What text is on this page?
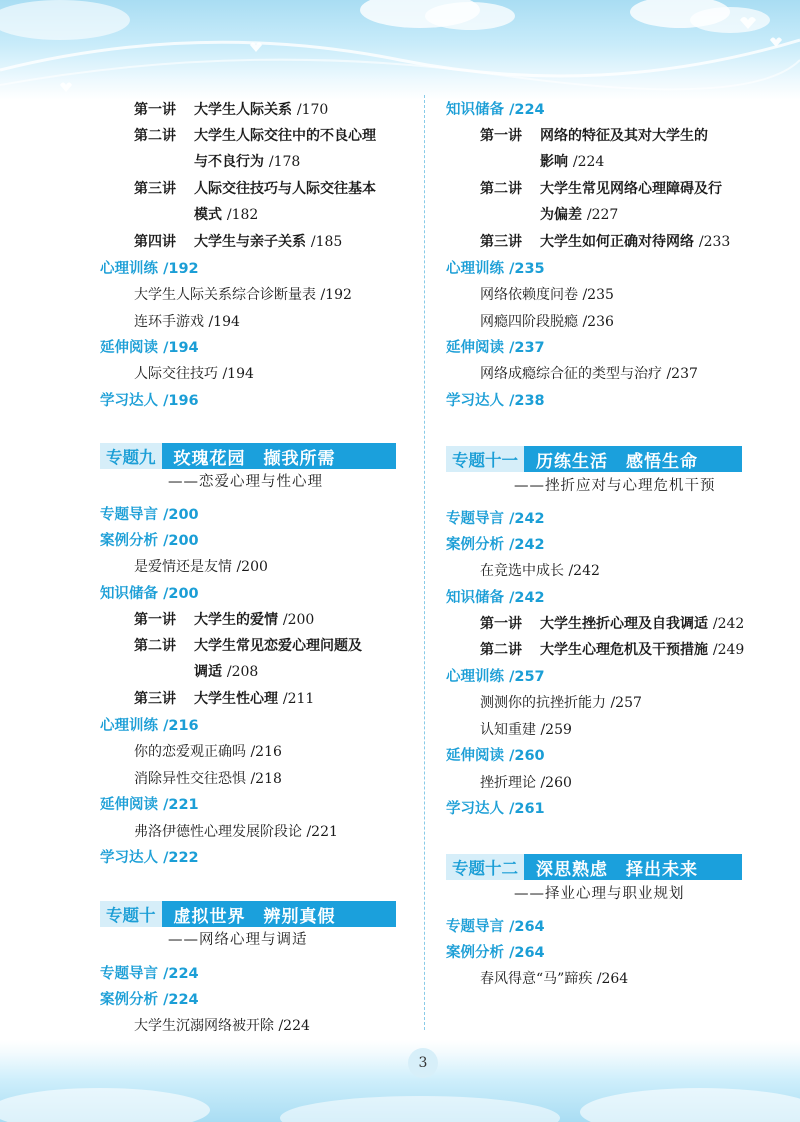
第一讲 大学生人际关系 /170
第二讲 大学生人际交往中的不良心理
与不良行为 /178
第三讲 人际交往技巧与人际交往基本
模式 /182
第四讲 大学生与亲子关系 /185
心理训练 /192
大学生人际关系综合诊断量表 /192
连环手游戏 /194
延伸阅读 /194
人际交往技巧 /194
学习达人 /196
专题九	玫瑰花园　撷我所需
——恋爱心理与性心理
专题导言 /200
案例分析 /200
是爱情还是友情 /200
知识储备 /200
第一讲 大学生的爱情 /200
第二讲 大学生常见恋爱心理问题及
调适 /208
第三讲 大学生性心理 /211
心理训练 /216
你的恋爱观正确吗 /216
消除异性交往恐惧 /218
延伸阅读 /221
弗洛伊德性心理发展阶段论 /221
学习达人 /222
专题十	虚拟世界　辨别真假
——网络心理与调适
专题导言 /224
案例分析 /224
大学生沉溺网络被开除 /224
知识储备 /224
第一讲 网络的特征及其对大学生的
影响 /224
第二讲 大学生常见网络心理障碍及行
为偏差 /227
第三讲 大学生如何正确对待网络 /233
心理训练 /235
网络依赖度问卷 /235
网瘾四阶段脱瘾 /236
延伸阅读 /237
网络成瘾综合征的类型与治疗 /237
学习达人 /238
专题十一	历练生活　感悟生命
——挫折应对与心理危机干预
专题导言 /242
案例分析 /242
在竞选中成长 /242
知识储备 /242
第一讲 大学生挫折心理及自我调适 /242
第二讲 大学生心理危机及干预措施 /249
心理训练 /257
测测你的抗挫折能力 /257
认知重建 /259
延伸阅读 /260
挫折理论 /260
学习达人 /261
专题十二	深思熟虑　择出未来
——择业心理与职业规划
专题导言 /264
案例分析 /264
春风得意“马”蹄疾 /264
3
